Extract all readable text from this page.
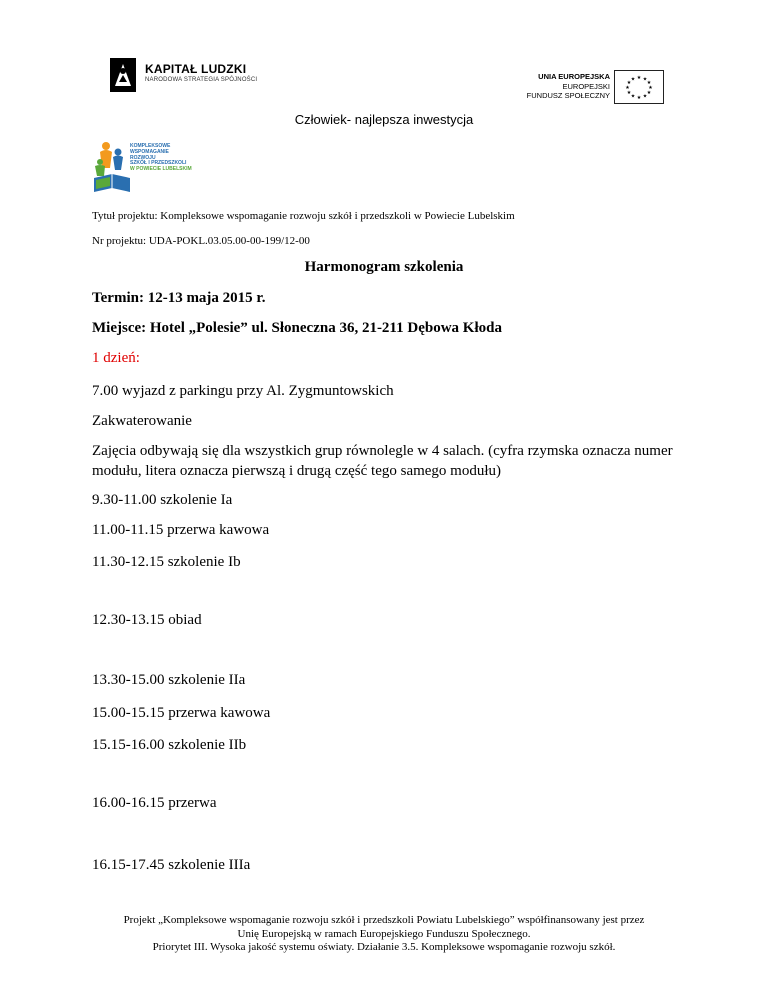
KAPITAŁ LUDZKI
NARODOWA STRATEGIA SPÓJNOŚCI	UNIA EUROPEJSKA
EUROPEJSKI
FUNDUSZ SPOŁECZNY
★ ★
★
★
★
★
★
★
★
★
★
★
Człowiek- najlepsza inwestycja
KOMPLEKSOWE
WSPOMAGANIE
ROZWOJU
SZKÓŁ I PRZEDSZKOLI
W POWIECIE LUBELSKIM
Tytuł projektu: Kompleksowe wspomaganie rozwoju szkół i przedszkoli w Powiecie Lubelskim
Nr projektu: UDA-POKL.03.05.00-00-199/12-00
Harmonogram szkolenia
Termin: 12-13 maja 2015 r.
Miejsce: Hotel „Polesie” ul. Słoneczna 36, 21-211 Dębowa Kłoda
1 dzień:
7.00 wyjazd z parkingu przy Al. Zygmuntowskich
Zakwaterowanie
Zajęcia odbywają się dla wszystkich grup równolegle w 4 salach. (cyfra rzymska oznacza numer modułu, litera oznacza pierwszą i drugą część tego samego modułu)
9.30-11.00 szkolenie Ia
11.00-11.15 przerwa kawowa
11.30-12.15 szkolenie Ib
12.30-13.15 obiad
13.30-15.00 szkolenie IIa
15.00-15.15 przerwa kawowa
15.15-16.00 szkolenie IIb
16.00-16.15 przerwa
16.15-17.45 szkolenie IIIa
Projekt „Kompleksowe wspomaganie rozwoju szkół i przedszkoli Powiatu Lubelskiego” współfinansowany jest przez
Unię Europejską w ramach Europejskiego Funduszu Społecznego.
Priorytet III. Wysoka jakość systemu oświaty. Działanie 3.5. Kompleksowe wspomaganie rozwoju szkół.
